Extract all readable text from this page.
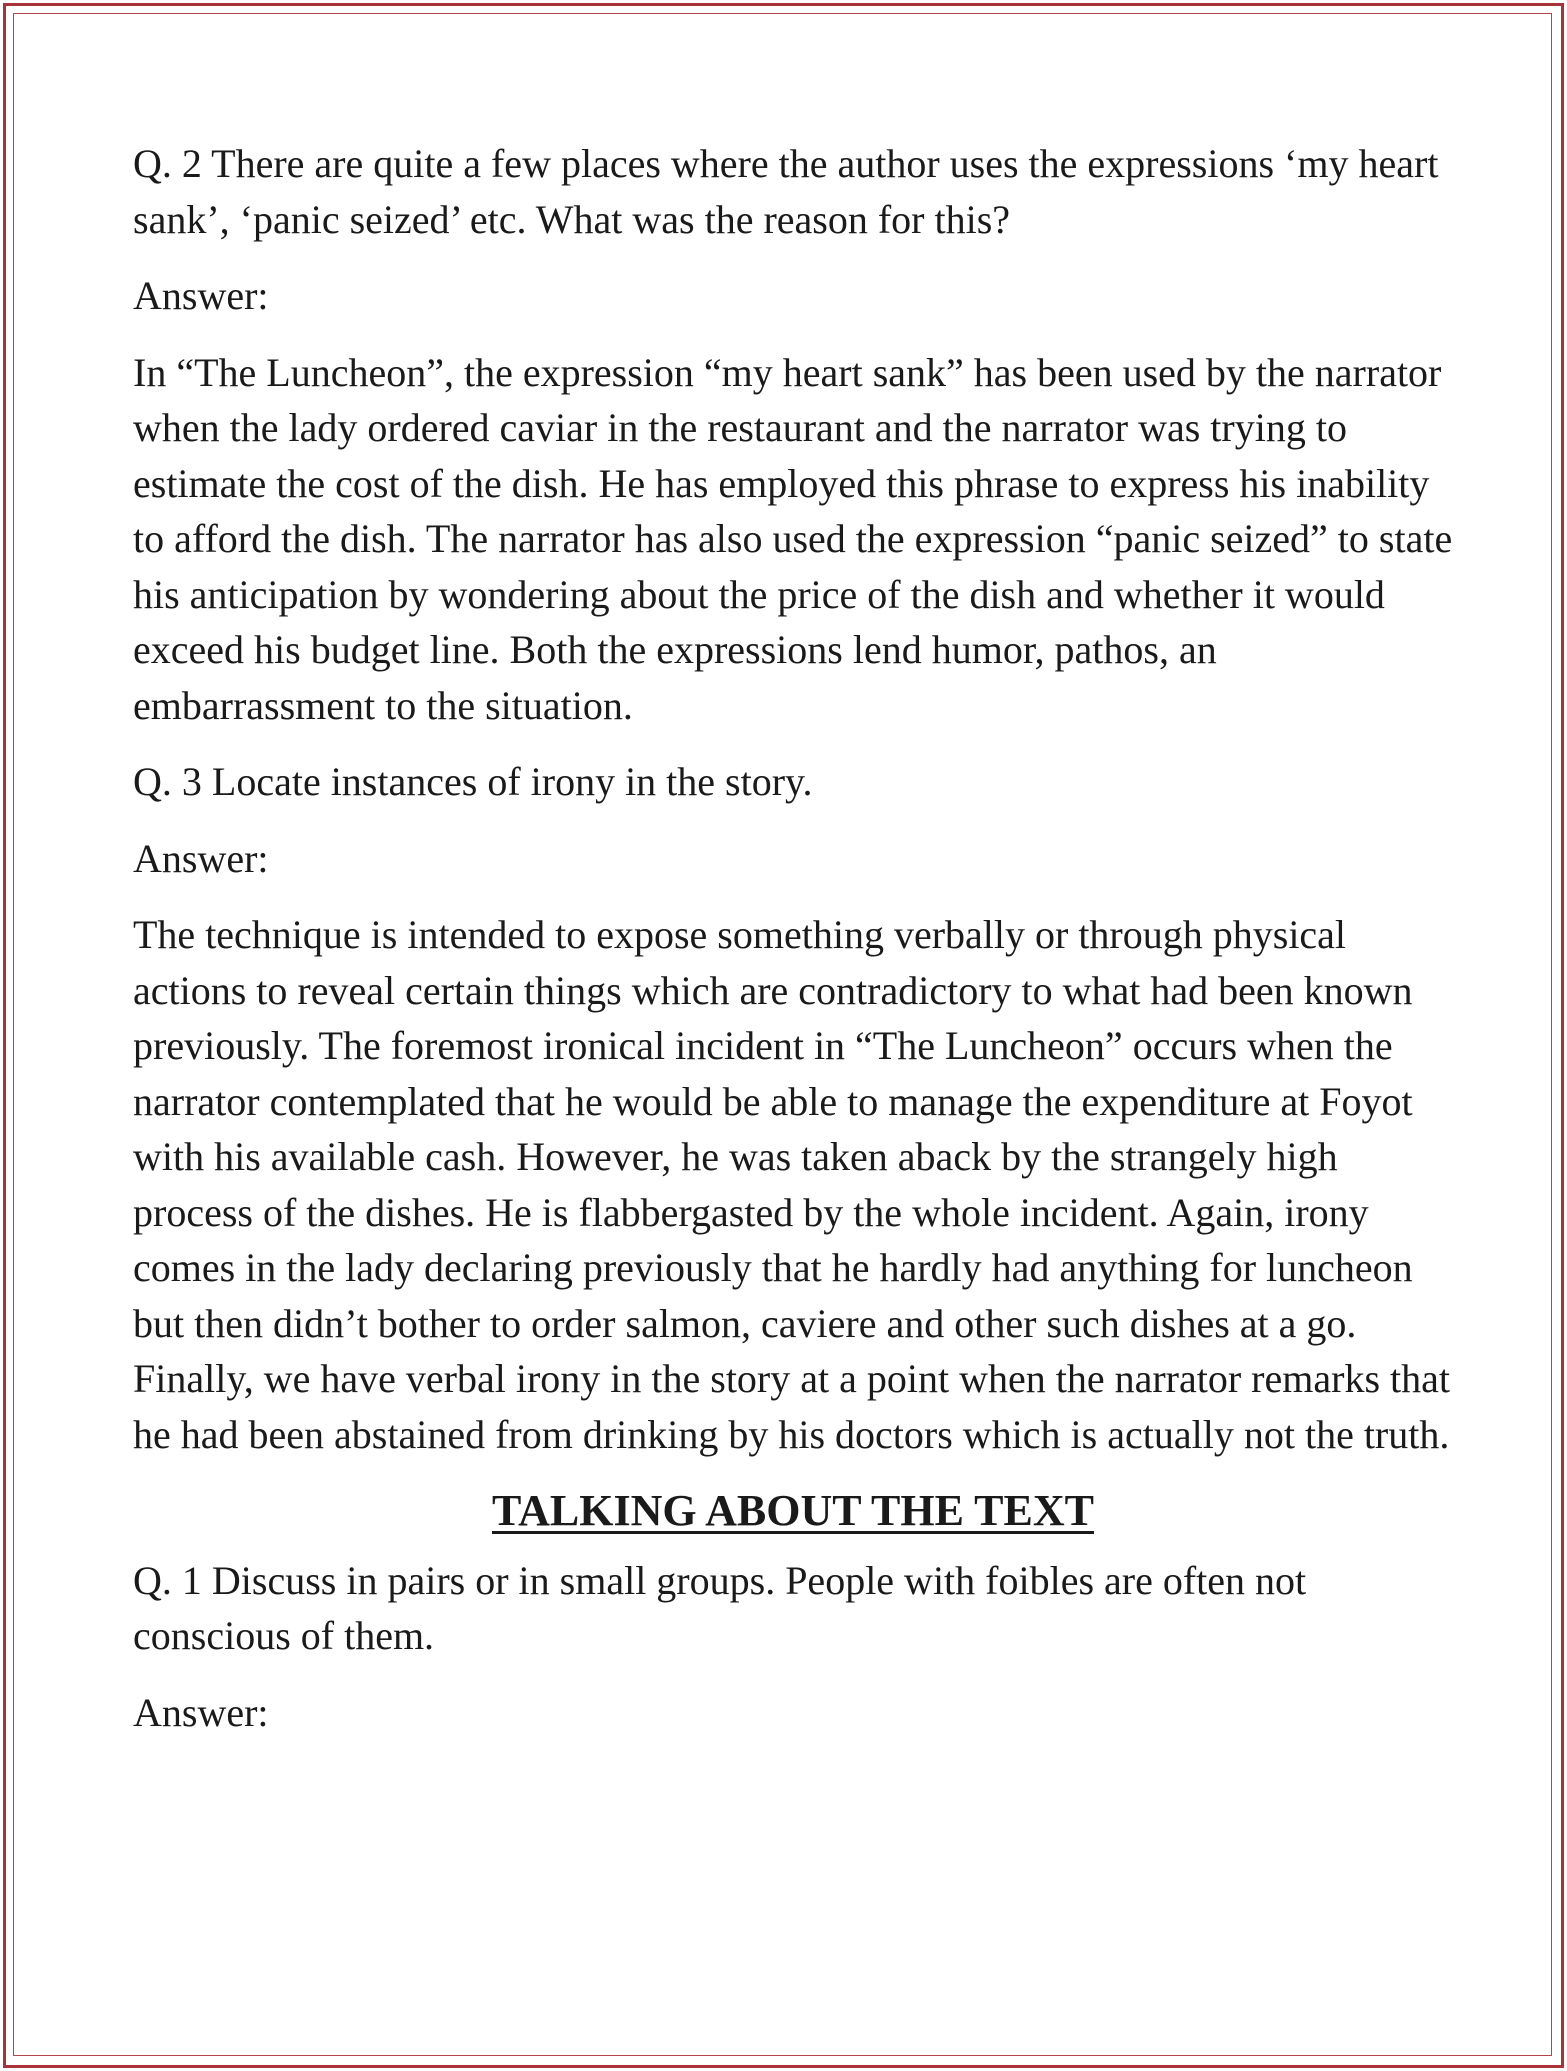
Q. 2 There are quite a few places where the author uses the expressions ‘my heart sank’, ‘panic seized’ etc. What was the reason for this?

Answer:

In “The Luncheon”, the expression “my heart sank” has been used by the narrator when the lady ordered caviar in the restaurant and the narrator was trying to estimate the cost of the dish. He has employed this phrase to express his inability to afford the dish. The narrator has also used the expression “panic seized” to state his anticipation by wondering about the price of the dish and whether it would exceed his budget line. Both the expressions lend humor, pathos, an embarrassment to the situation.

Q. 3 Locate instances of irony in the story.

Answer:

The technique is intended to expose something verbally or through physical actions to reveal certain things which are contradictory to what had been known previously. The foremost ironical incident in “The Luncheon” occurs when the narrator contemplated that he would be able to manage the expenditure at Foyot with his available cash. However, he was taken aback by the strangely high process of the dishes. He is flabbergasted by the whole incident. Again, irony comes in the lady declaring previously that he hardly had anything for luncheon but then didn’t bother to order salmon, caviere and other such dishes at a go. Finally, we have verbal irony in the story at a point when the narrator remarks that he had been abstained from drinking by his doctors which is actually not the truth.

TALKING ABOUT THE TEXT

Q. 1 Discuss in pairs or in small groups. People with foibles are often not conscious of them.

Answer:
